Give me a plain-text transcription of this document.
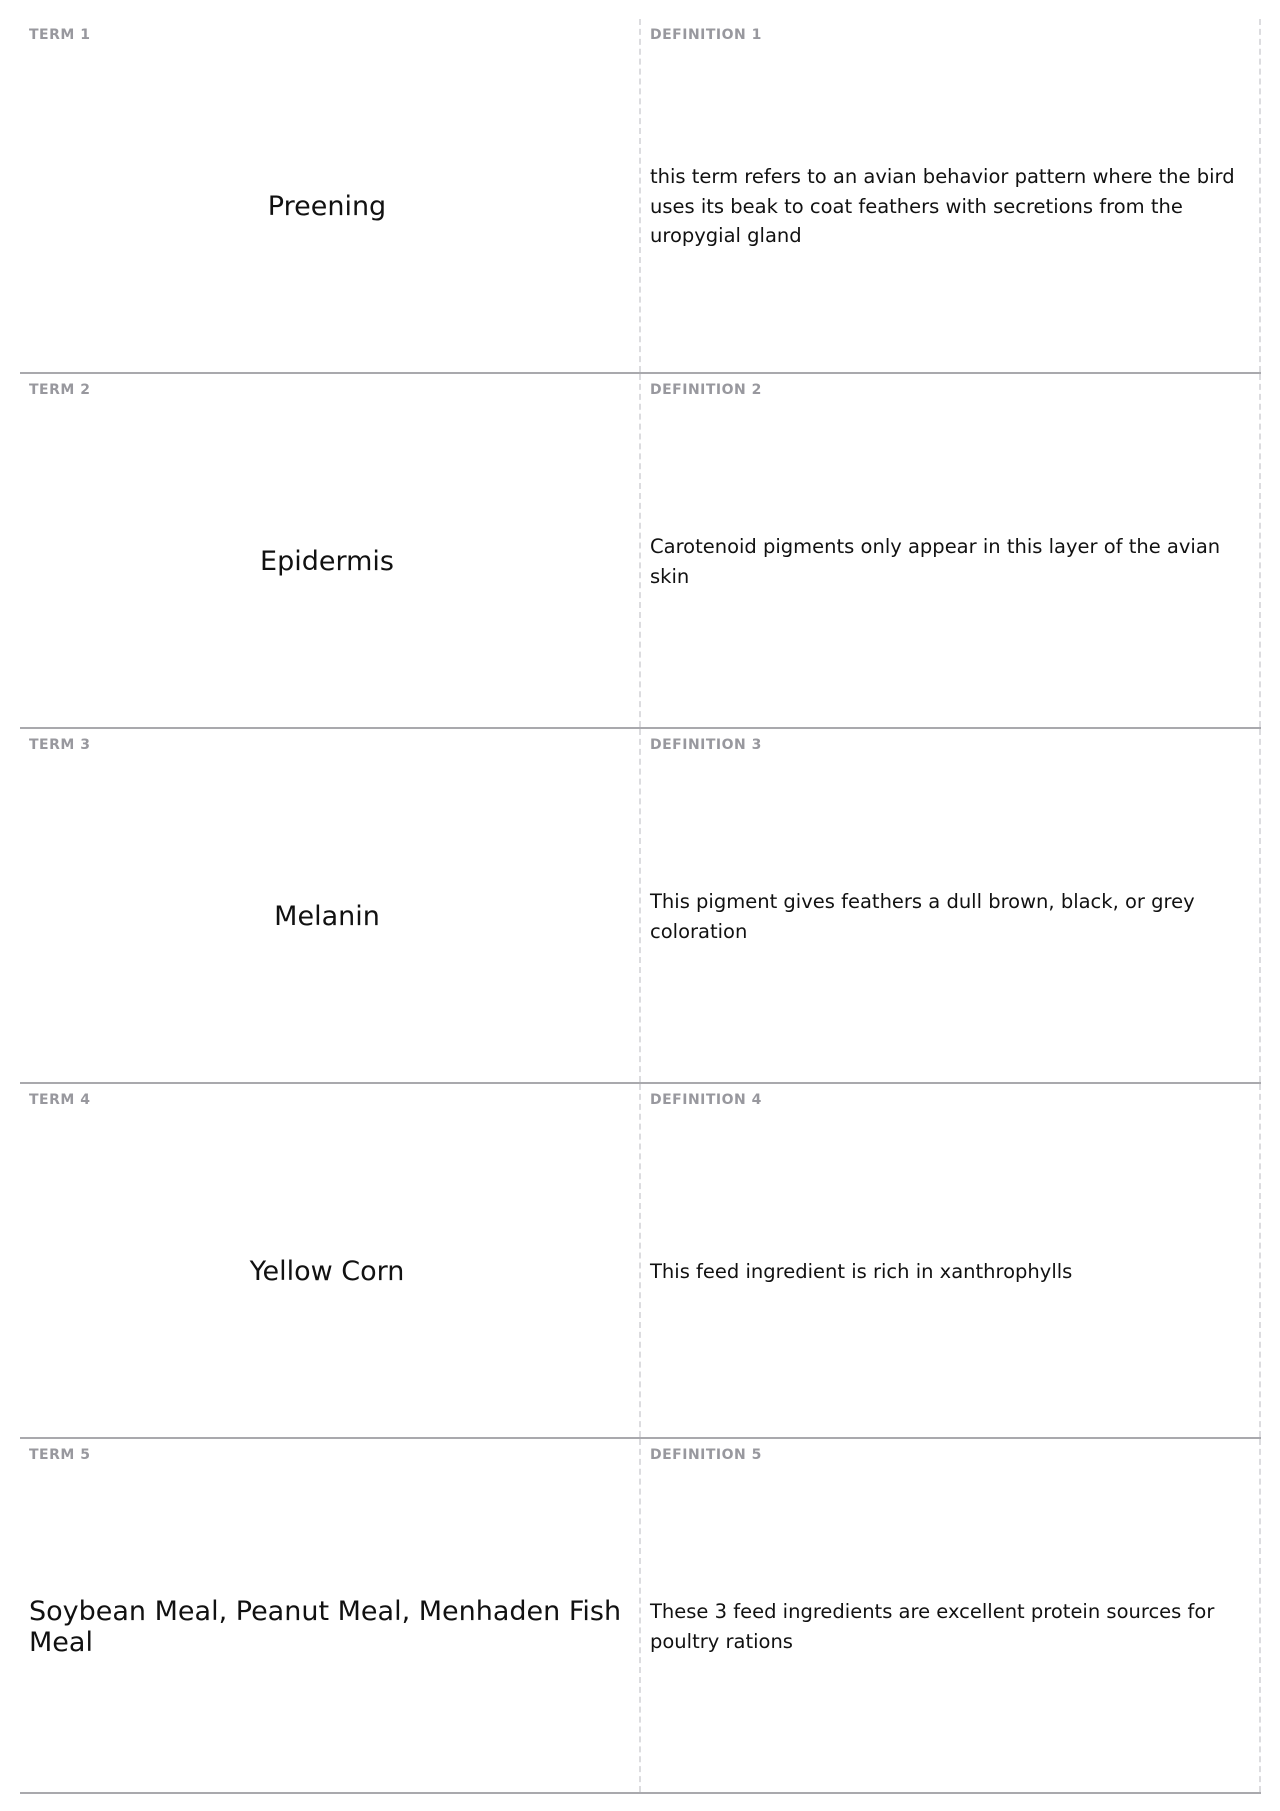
TERM 1
Preening
DEFINITION 1
this term refers to an avian behavior pattern where the bird uses its beak to coat feathers with secretions from the uropygial gland
TERM 2
Epidermis
DEFINITION 2
Carotenoid pigments only appear in this layer of the avian skin
TERM 3
Melanin
DEFINITION 3
This pigment gives feathers a dull brown, black, or grey coloration
TERM 4
Yellow Corn
DEFINITION 4
This feed ingredient is rich in xanthrophylls
TERM 5
Soybean Meal, Peanut Meal, Menhaden Fish Meal
DEFINITION 5
These 3 feed ingredients are excellent protein sources for poultry rations
